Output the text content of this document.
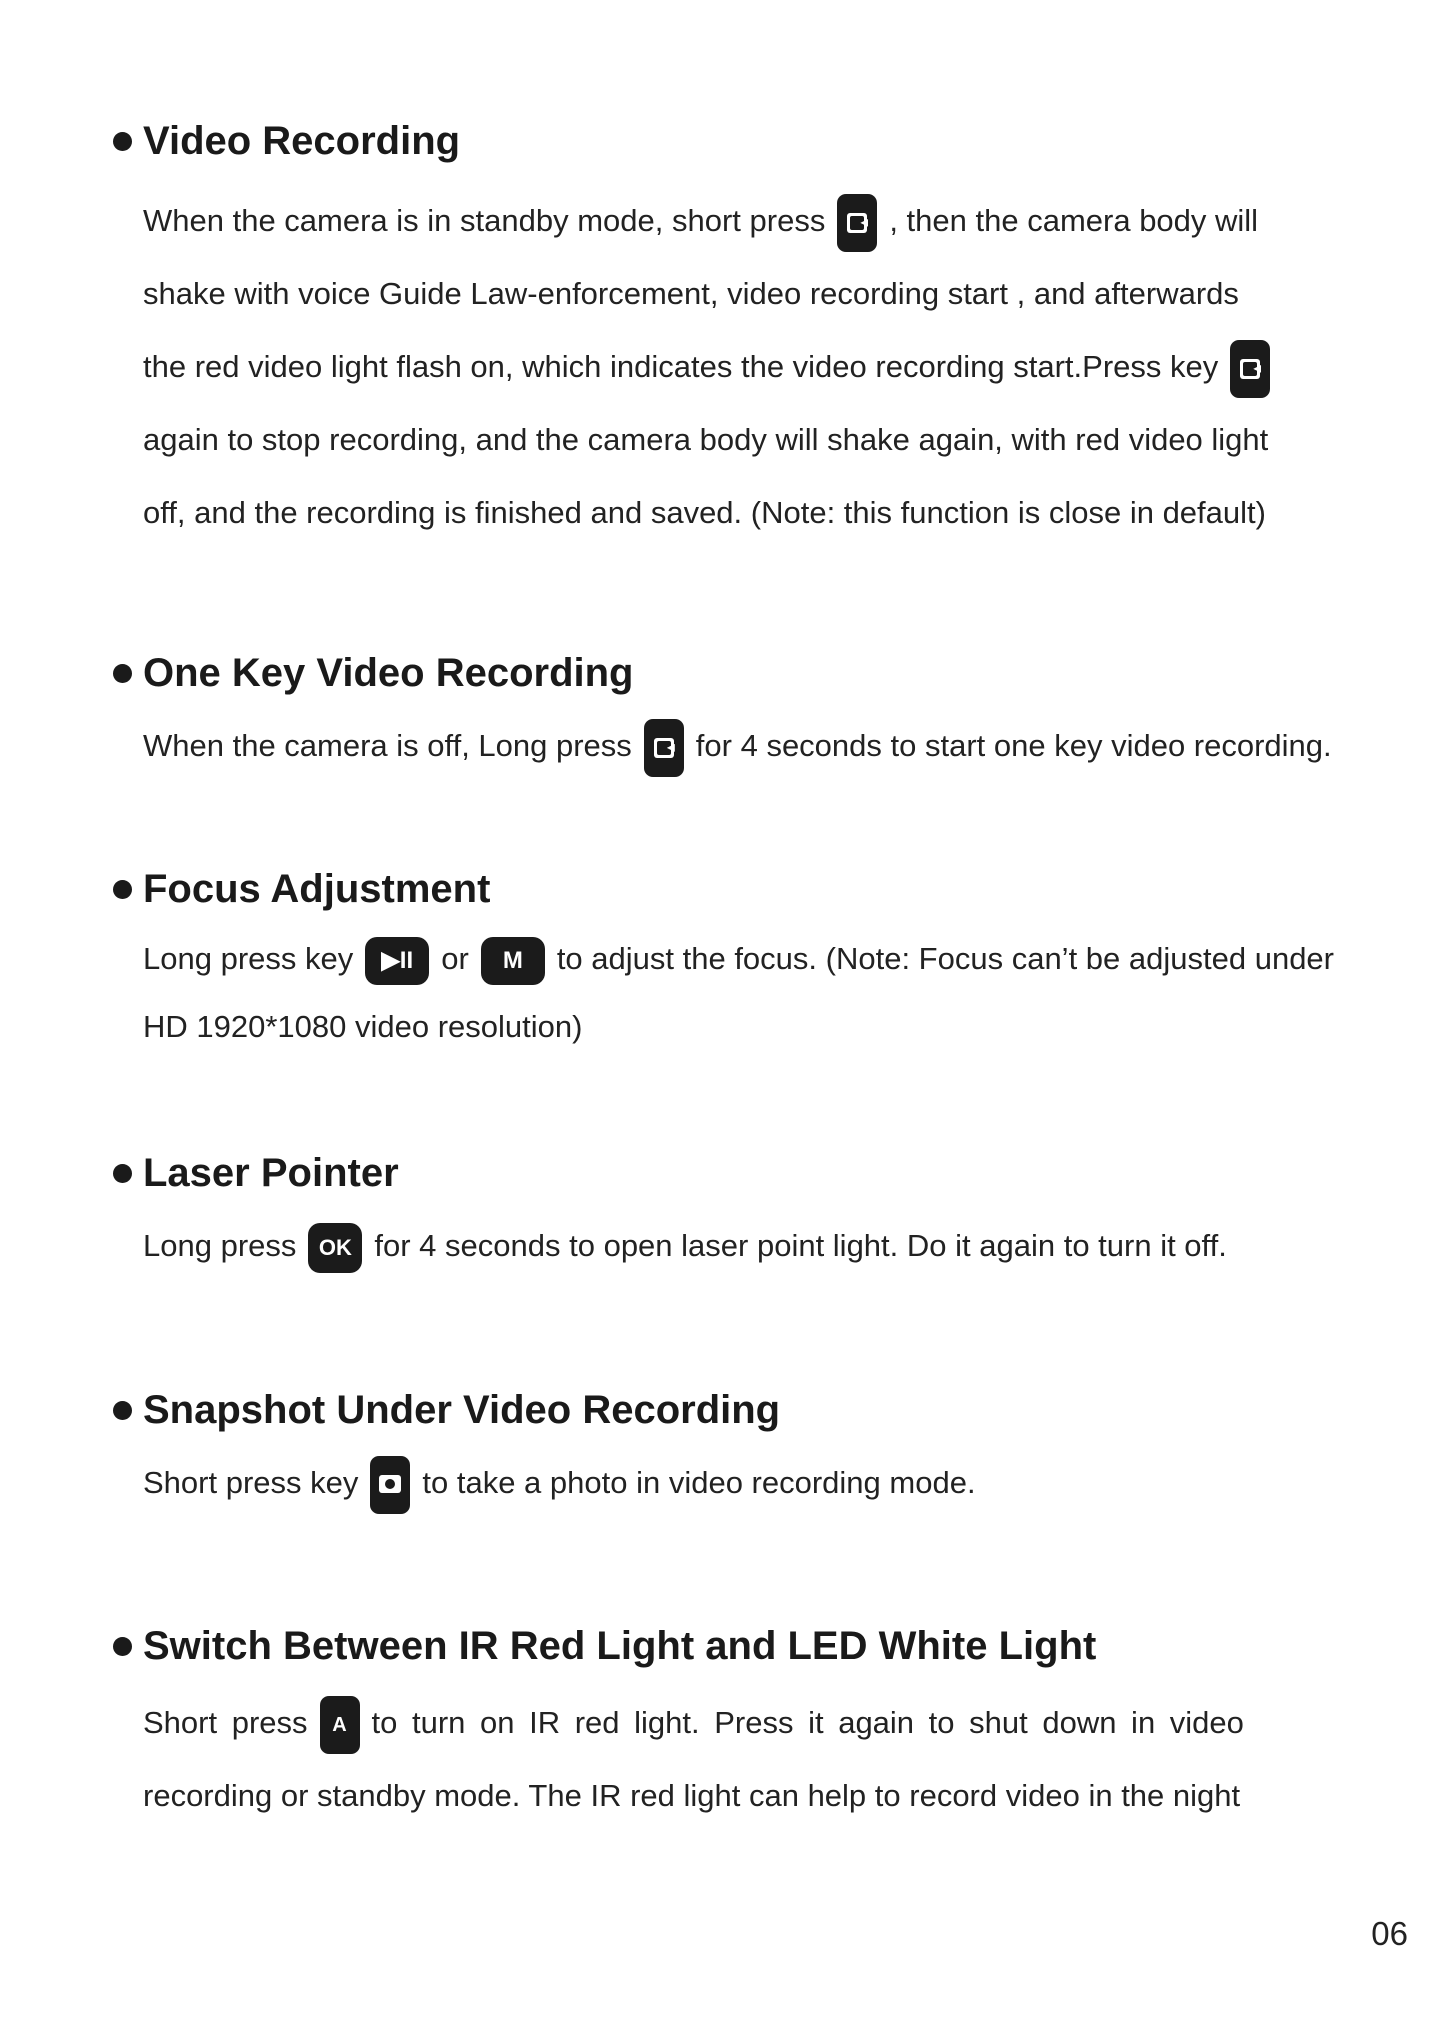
Video Recording
When the camera is in standby mode, short press , then the camera body will
shake with voice Guide Law-enforcement, video recording start , and afterwards
the red video light flash on, which indicates the video recording start.Press key
again to stop recording, and the camera body will shake again, with red video light
off, and the recording is finished and saved. (Note: this function is close in default)
One Key Video Recording
When the camera is off, Long press for 4 seconds to start one key video recording.
Focus Adjustment
Long press key ▶II or M to adjust the focus. (Note: Focus can’t be adjusted under
HD 1920*1080 video resolution)
Laser Pointer
Long press OK for 4 seconds to open laser point light. Do it again to turn it off.
Snapshot Under Video Recording
Short press key to take a photo in video recording mode.
Switch Between IR Red Light and LED White Light
Short press A to turn on IR red light. Press it again to shut down in video
recording or standby mode. The IR red light can help to record video in the night
06
